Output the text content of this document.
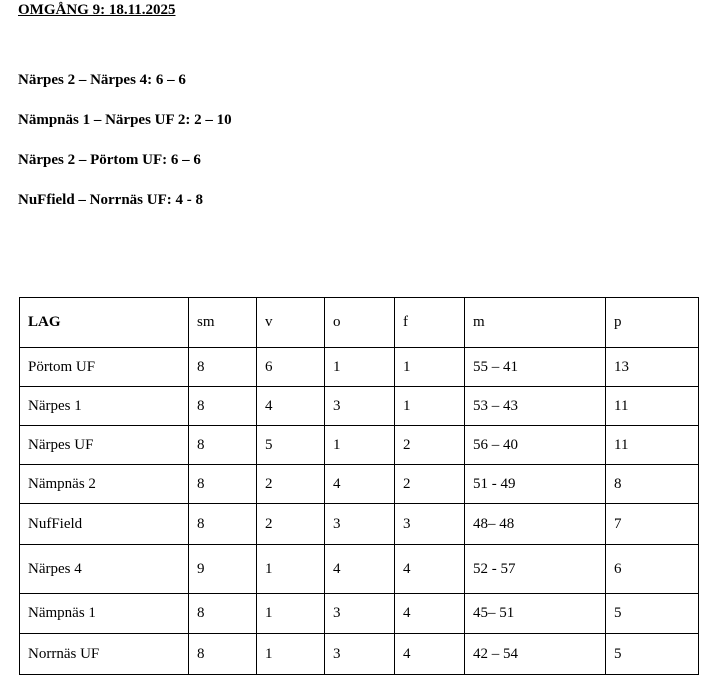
OMGÅNG 9: 18.11.2025
Närpes 2 – Närpes 4: 6 – 6
Nämpnäs 1 – Närpes UF 2: 2 – 10
Närpes 2 – Pörtom UF: 6 – 6
NuFfield – Norrnäs UF: 4 - 8
LAG	sm	v	o	f	m	p
Pörtom UF	8	6	1	1	55 – 41	13
Närpes 1	8	4	3	1	53 – 43	11
Närpes UF	8	5	1	2	56 – 40	11
Nämpnäs 2	8	2	4	2	51 - 49	8
NufField	8	2	3	3	48– 48	7
Närpes 4	9	1	4	4	52 - 57	6
Nämpnäs 1	8	1	3	4	45– 51	5
Norrnäs UF	8	1	3	4	42 – 54	5
